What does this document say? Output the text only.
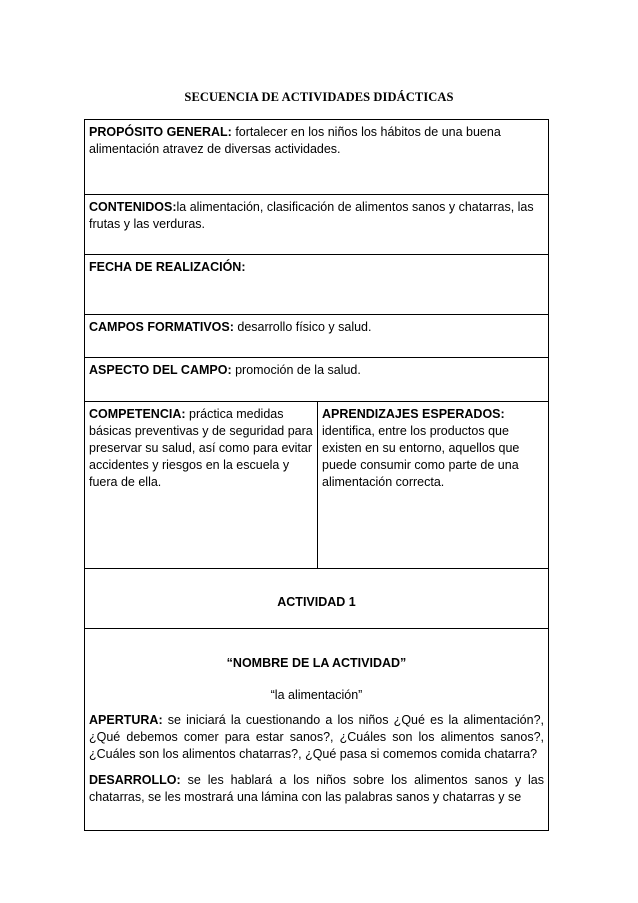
SECUENCIA DE ACTIVIDADES DIDÁCTICAS
PROPÓSITO GENERAL: fortalecer en los niños los hábitos de una buena alimentación atravez de diversas actividades.
CONTENIDOS:la alimentación, clasificación de alimentos sanos y chatarras, las frutas y las verduras.
FECHA DE REALIZACIÓN:
CAMPOS FORMATIVOS: desarrollo físico y salud.
ASPECTO DEL CAMPO: promoción de la salud.
COMPETENCIA: práctica medidas básicas preventivas y de seguridad para preservar su salud, así como para evitar accidentes y riesgos en la escuela y fuera de ella.
APRENDIZAJES ESPERADOS:
identifica, entre los productos que existen en su entorno, aquellos que puede consumir como parte de una alimentación correcta.
ACTIVIDAD 1
“NOMBRE DE LA ACTIVIDAD”
“la alimentación”
APERTURA: se iniciará la cuestionando a los niños ¿Qué es la alimentación?, ¿Qué debemos comer para estar sanos?, ¿Cuáles son los alimentos sanos?, ¿Cuáles son los alimentos chatarras?, ¿Qué pasa si comemos comida chatarra?
DESARROLLO: se les hablará a los niños sobre los alimentos sanos y las chatarras, se les mostrará una lámina con las palabras sanos y chatarras y se
